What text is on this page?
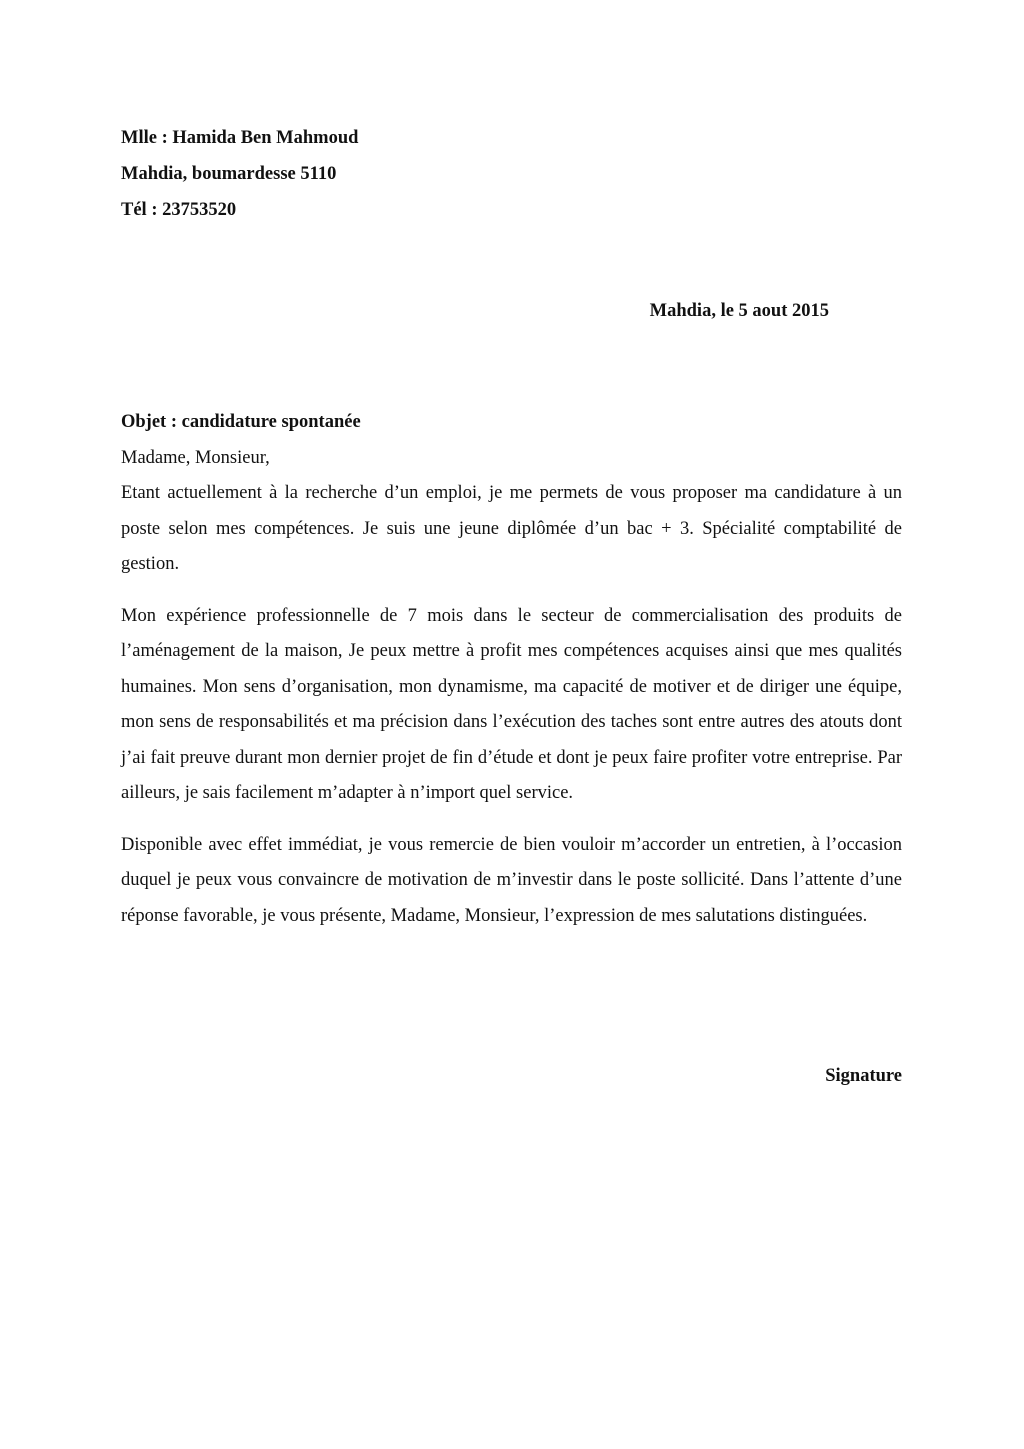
Mlle : Hamida Ben Mahmoud
Mahdia, boumardesse 5110
Tél : 23753520
Mahdia, le 5 aout 2015
Objet : candidature spontanée
Madame, Monsieur,

Etant actuellement à la recherche d’un emploi, je me permets de vous proposer ma candidature à un poste selon mes compétences. Je suis une jeune diplômée d’un bac + 3. Spécialité comptabilité de gestion.

Mon expérience professionnelle de 7 mois dans le secteur de commercialisation des produits de l’aménagement de la maison, Je peux mettre à profit mes compétences acquises ainsi que mes qualités humaines. Mon sens d’organisation, mon dynamisme, ma capacité de motiver et de diriger une équipe, mon sens de responsabilités et ma précision dans l’exécution des taches sont entre autres des atouts dont j’ai fait preuve durant mon dernier projet de fin d’étude et dont je peux faire profiter votre entreprise. Par ailleurs, je sais facilement m’adapter à n’import quel service.

Disponible avec effet immédiat, je vous remercie de bien vouloir m’accorder un entretien, à l’occasion duquel je peux vous convaincre de motivation de m’investir dans le poste sollicité. Dans l’attente d’une réponse favorable, je vous présente, Madame, Monsieur, l’expression de mes salutations distinguées.

Signature
